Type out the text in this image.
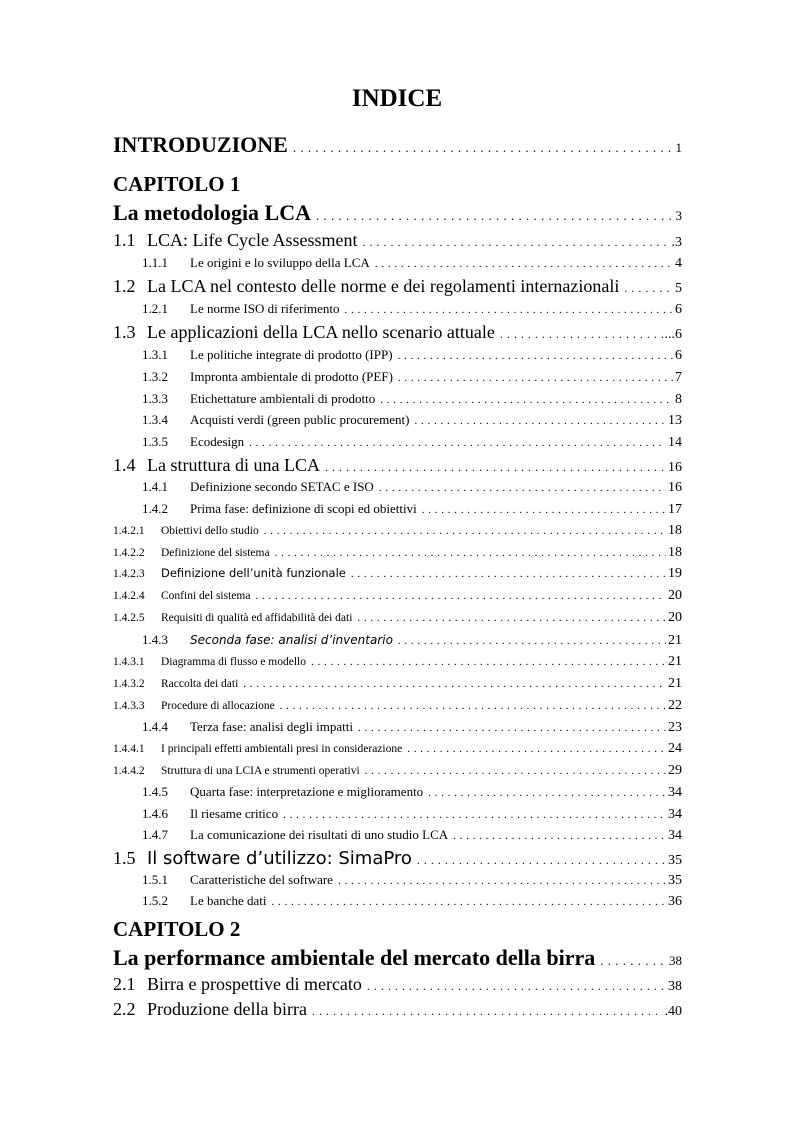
INDICE
INTRODUZIONE . . .	1
CAPITOLO 1
La metodologia LCA . . .	3
1.1 LCA: Life Cycle Assessment . . .	.3
1.1.1	Le origini e lo sviluppo della LCA . . .	4
1.2 La LCA nel contesto delle norme e dei regolamenti internazionali . . .	5
1.2.1	Le norme ISO di riferimento . . .	6
1.3 Le applicazioni della LCA nello scenario attuale . . .	...6
1.3.1	Le politiche integrate di prodotto (IPP) . . .	6
1.3.2	Impronta ambientale di prodotto (PEF) . . .	7
1.3.3	Etichettature ambientali di prodotto . . .	8
1.3.4	Acquisti verdi (green public procurement) . . .	13
1.3.5	Ecodesign . . .	14
1.4 La struttura di una LCA . . .	16
1.4.1	Definizione secondo SETAC e ISO . . .	16
1.4.2	Prima fase: definizione di scopi ed obiettivi . . .	17
1.4.2.1	Obiettivi dello studio . . .	18
1.4.2.2	Definizione del sistema . . .	18
1.4.2.3	Definizione dell’unità funzionale . . .	19
1.4.2.4	Confini del sistema . . .	20
1.4.2.5	Requisiti di qualità ed affidabilità dei dati . . .	20
1.4.3	Seconda fase: analisi d’inventario . . .	21
1.4.3.1	Diagramma di flusso e modello . . .	21
1.4.3.2	Raccolta dei dati . . .	21
1.4.3.3	Procedure di allocazione . . .	22
1.4.4	Terza fase: analisi degli impatti . . .	23
1.4.4.1	I principali effetti ambientali presi in considerazione . . .	24
1.4.4.2	Struttura di una LCIA e strumenti operativi . . .	29
1.4.5	Quarta fase: interpretazione e miglioramento . . .	34
1.4.6	Il riesame critico . . .	34
1.4.7	La comunicazione dei risultati di uno studio LCA . . .	34
1.5 Il software d’utilizzo: SimaPro . . .	35
1.5.1	Caratteristiche del software . . .	35
1.5.2	Le banche dati . . .	36
CAPITOLO 2
La performance ambientale del mercato della birra . . .	38
2.1 Birra e prospettive di mercato . . .	38
2.2 Produzione della birra . . .	.40
